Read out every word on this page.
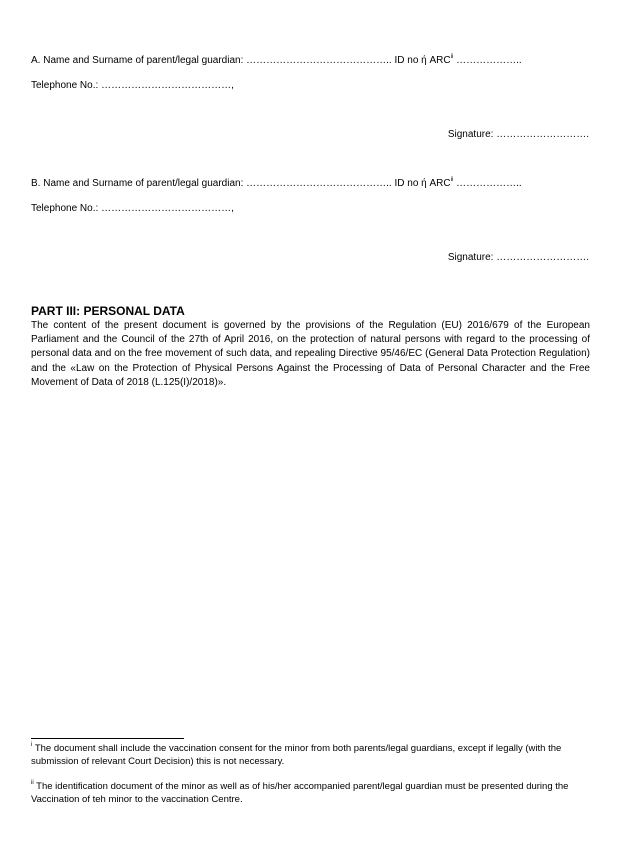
A. Name and Surname of parent/legal guardian: …………………………………….. ID no ή ARC$^{ii}$ ………………..
Telephone No.: …………………………………,
Signature: ……………………….
B. Name and Surname of parent/legal guardian: …………………………………….. ID no ή ARC$^{ii}$ ………………..
Telephone No.: …………………………………,
Signature: ……………………….
PART III: PERSONAL DATA
The content of the present document is governed by the provisions of the Regulation (EU) 2016/679 of the European Parliament and the Council of the 27th of April 2016, on the protection of natural persons with regard to the processing of personal data and on the free movement of such data, and repealing Directive 95/46/EC (General Data Protection Regulation) and the «Law on the Protection of Physical Persons Against the Processing of Data of Personal Character and the Free Movement of Data of 2018 (L.125(I)/2018)».
$^i$ The document shall include the vaccination consent for the minor from both parents/legal guardians, except if legally (with the submission of relevant Court Decision) this is not necessary.
$^{ii}$ The identification document of the minor as well as of his/her accompanied parent/legal guardian must be presented during the Vaccination of teh minor to the vaccination Centre.
